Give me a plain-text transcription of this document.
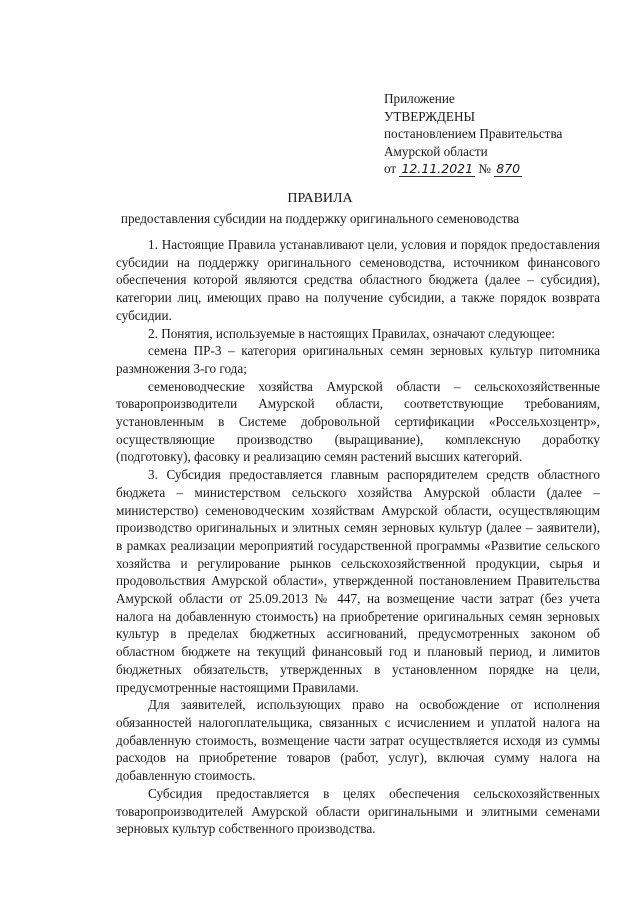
Приложение
УТВЕРЖДЕНЫ
постановлением Правительства
Амурской области
от 12.11.2021 № 870
ПРАВИЛА
предоставления субсидии на поддержку оригинального семеноводства

1. Настоящие Правила устанавливают цели, условия и порядок предоставления субсидии на поддержку оригинального семеноводства, источником финансового обеспечения которой являются средства областного бюджета (далее – субсидия), категории лиц, имеющих право на получение субсидии, а также порядок возврата субсидии.

2. Понятия, используемые в настоящих Правилах, означают следующее:

семена ПР-3 – категория оригинальных семян зерновых культур питомника размножения 3-го года;

семеноводческие хозяйства Амурской области – сельскохозяйственные товаропроизводители Амурской области, соответствующие требованиям, установленным в Системе добровольной сертификации «Россельхозцентр», осуществляющие производство (выращивание), комплексную доработку (подготовку), фасовку и реализацию семян растений высших категорий.

3. Субсидия предоставляется главным распорядителем средств областного бюджета – министерством сельского хозяйства Амурской области (далее – министерство) семеноводческим хозяйствам Амурской области, осуществляющим производство оригинальных и элитных семян зерновых культур (далее – заявители), в рамках реализации мероприятий государственной программы «Развитие сельского хозяйства и регулирование рынков сельскохозяйственной продукции, сырья и продовольствия Амурской области», утвержденной постановлением Правительства Амурской области от 25.09.2013 № 447, на возмещение части затрат (без учета налога на добавленную стоимость) на приобретение оригинальных семян зерновых культур в пределах бюджетных ассигнований, предусмотренных законом об областном бюджете на текущий финансовый год и плановый период, и лимитов бюджетных обязательств, утвержденных в установленном порядке на цели, предусмотренные настоящими Правилами.

Для заявителей, использующих право на освобождение от исполнения обязанностей налогоплательщика, связанных с исчислением и уплатой налога на добавленную стоимость, возмещение части затрат осуществляется исходя из суммы расходов на приобретение товаров (работ, услуг), включая сумму налога на добавленную стоимость.

Субсидия предоставляется в целях обеспечения сельскохозяйственных товаропроизводителей Амурской области оригинальными и элитными семенами зерновых культур собственного производства.
